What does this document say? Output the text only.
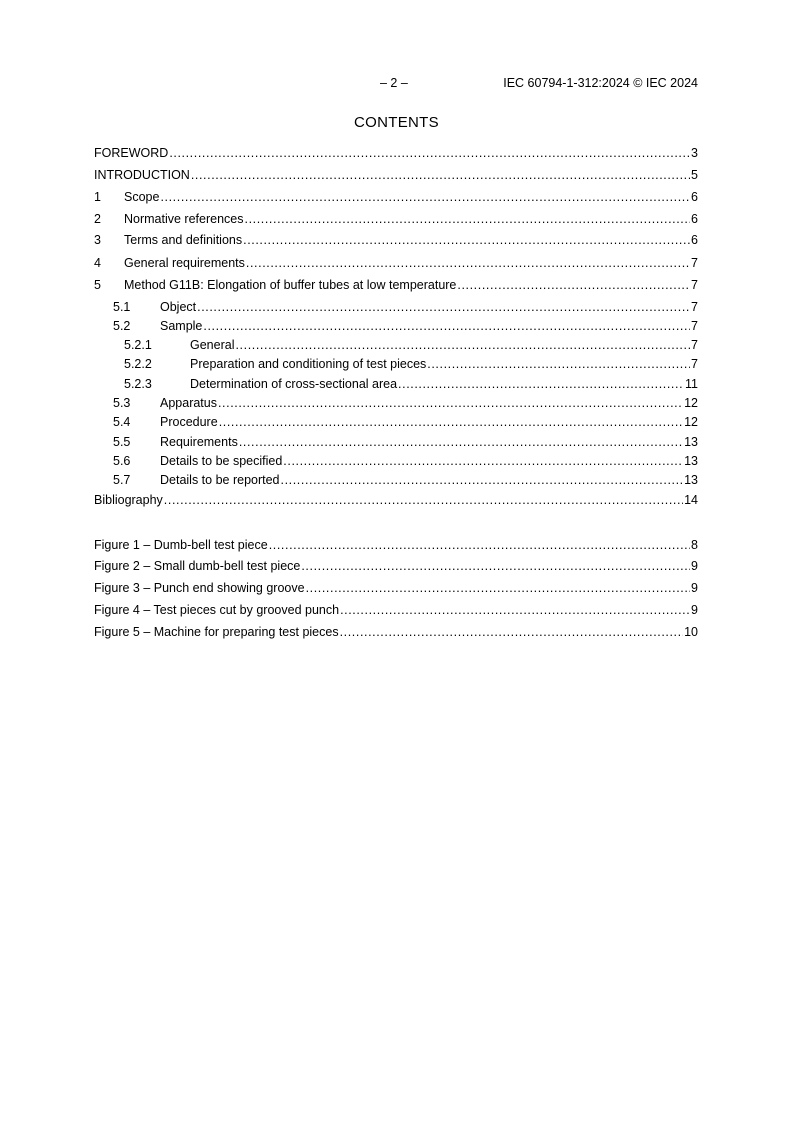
– 2 –	IEC 60794-1-312:2024 © IEC 2024
CONTENTS
FOREWORD .....	3
INTRODUCTION .....	5
1	Scope .....	6
2	Normative references .....	6
3	Terms and definitions .....	6
4	General requirements .....	7
5	Method G11B: Elongation of buffer tubes at low temperature .....	7
5.1	Object .....	7
5.2	Sample .....	7
5.2.1	General .....	7
5.2.2	Preparation and conditioning of test pieces .....	7
5.2.3	Determination of cross-sectional area .....	11
5.3	Apparatus .....	12
5.4	Procedure .....	12
5.5	Requirements .....	13
5.6	Details to be specified .....	13
5.7	Details to be reported .....	13
Bibliography .....	14
Figure 1 – Dumb-bell test piece .....	8
Figure 2 – Small dumb-bell test piece .....	9
Figure 3 – Punch end showing groove .....	9
Figure 4 – Test pieces cut by grooved punch .....	9
Figure 5 – Machine for preparing test pieces .....	10
